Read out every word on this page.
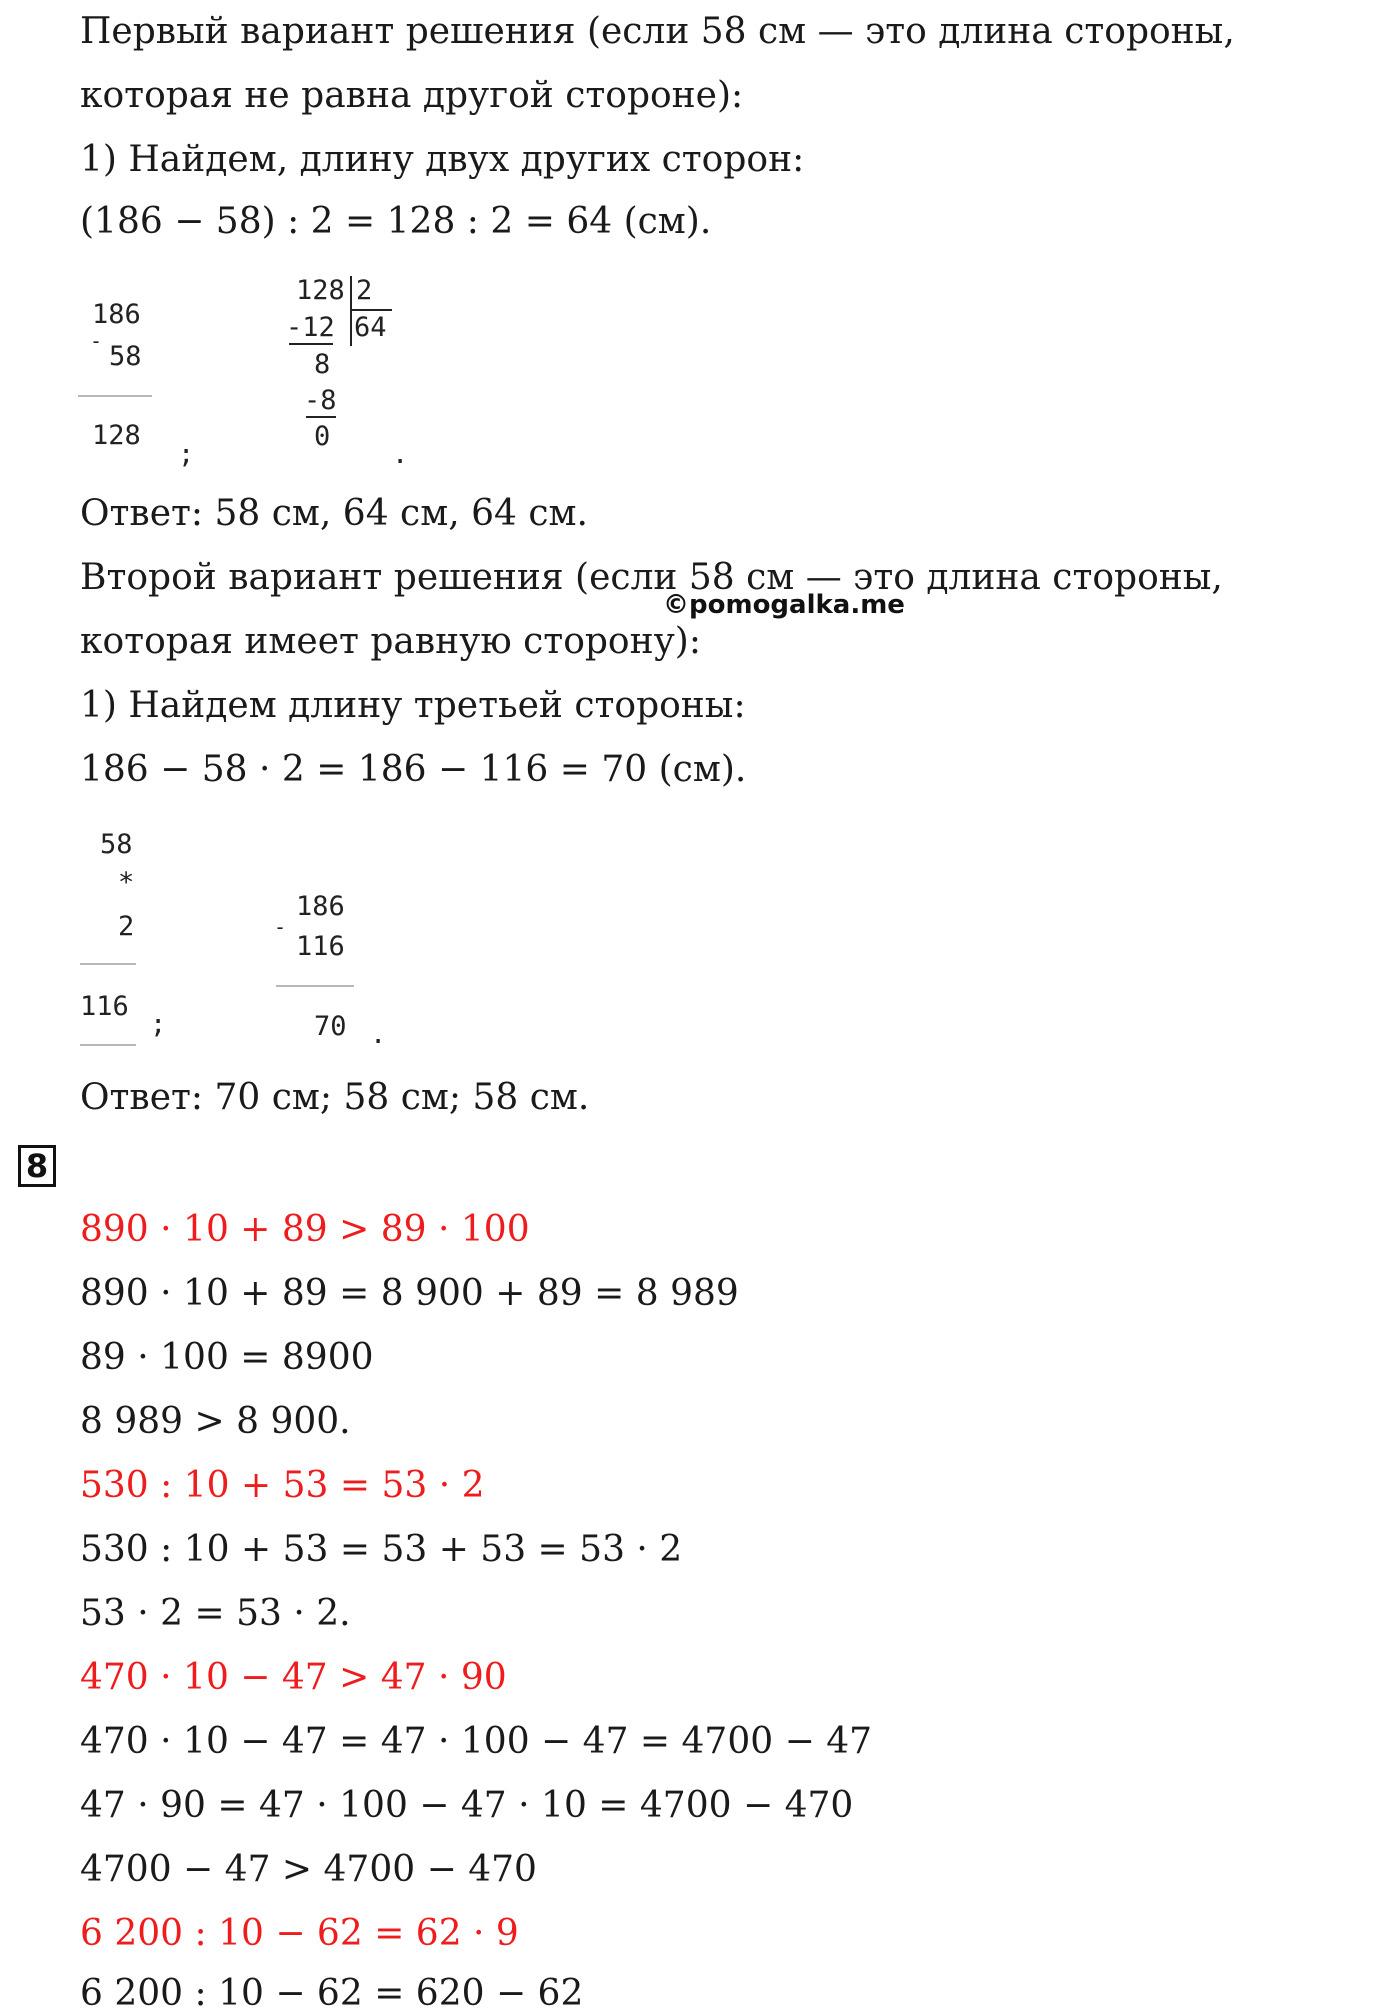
Первый вариант решения (если 58 см — это длина стороны,
которая не равна другой стороне):
1) Найдем, длину двух других сторон:
(186 − 58) : 2 = 128 : 2 = 64 (см).
186
- 58
128
;
128 2
-12 64
8
-8
0
.
Ответ: 58 см, 64 см, 64 см.
Второй вариант решения (если 58 см — это длина стороны,
©pomogalka.me
которая имеет равную сторону):
1) Найдем длину третьей стороны:
186 − 58 · 2 = 186 − 116 = 70 (см).
58
*
2
116
;
186
-
116
70 .
Ответ: 70 см; 58 см; 58 см.
8
890 · 10 + 89 > 89 · 100
890 · 10 + 89 = 8 900 + 89 = 8 989
89 · 100 = 8900
8 989 > 8 900.
530 : 10 + 53 = 53 · 2
530 : 10 + 53 = 53 + 53 = 53 · 2
53 · 2 = 53 · 2.
470 · 10 − 47 > 47 · 90
470 · 10 − 47 = 47 · 100 − 47 = 4700 − 47
47 · 90 = 47 · 100 − 47 · 10 = 4700 − 470
4700 − 47 > 4700 − 470
6 200 : 10 − 62 = 62 · 9
6 200 : 10 − 62 = 620 − 62
